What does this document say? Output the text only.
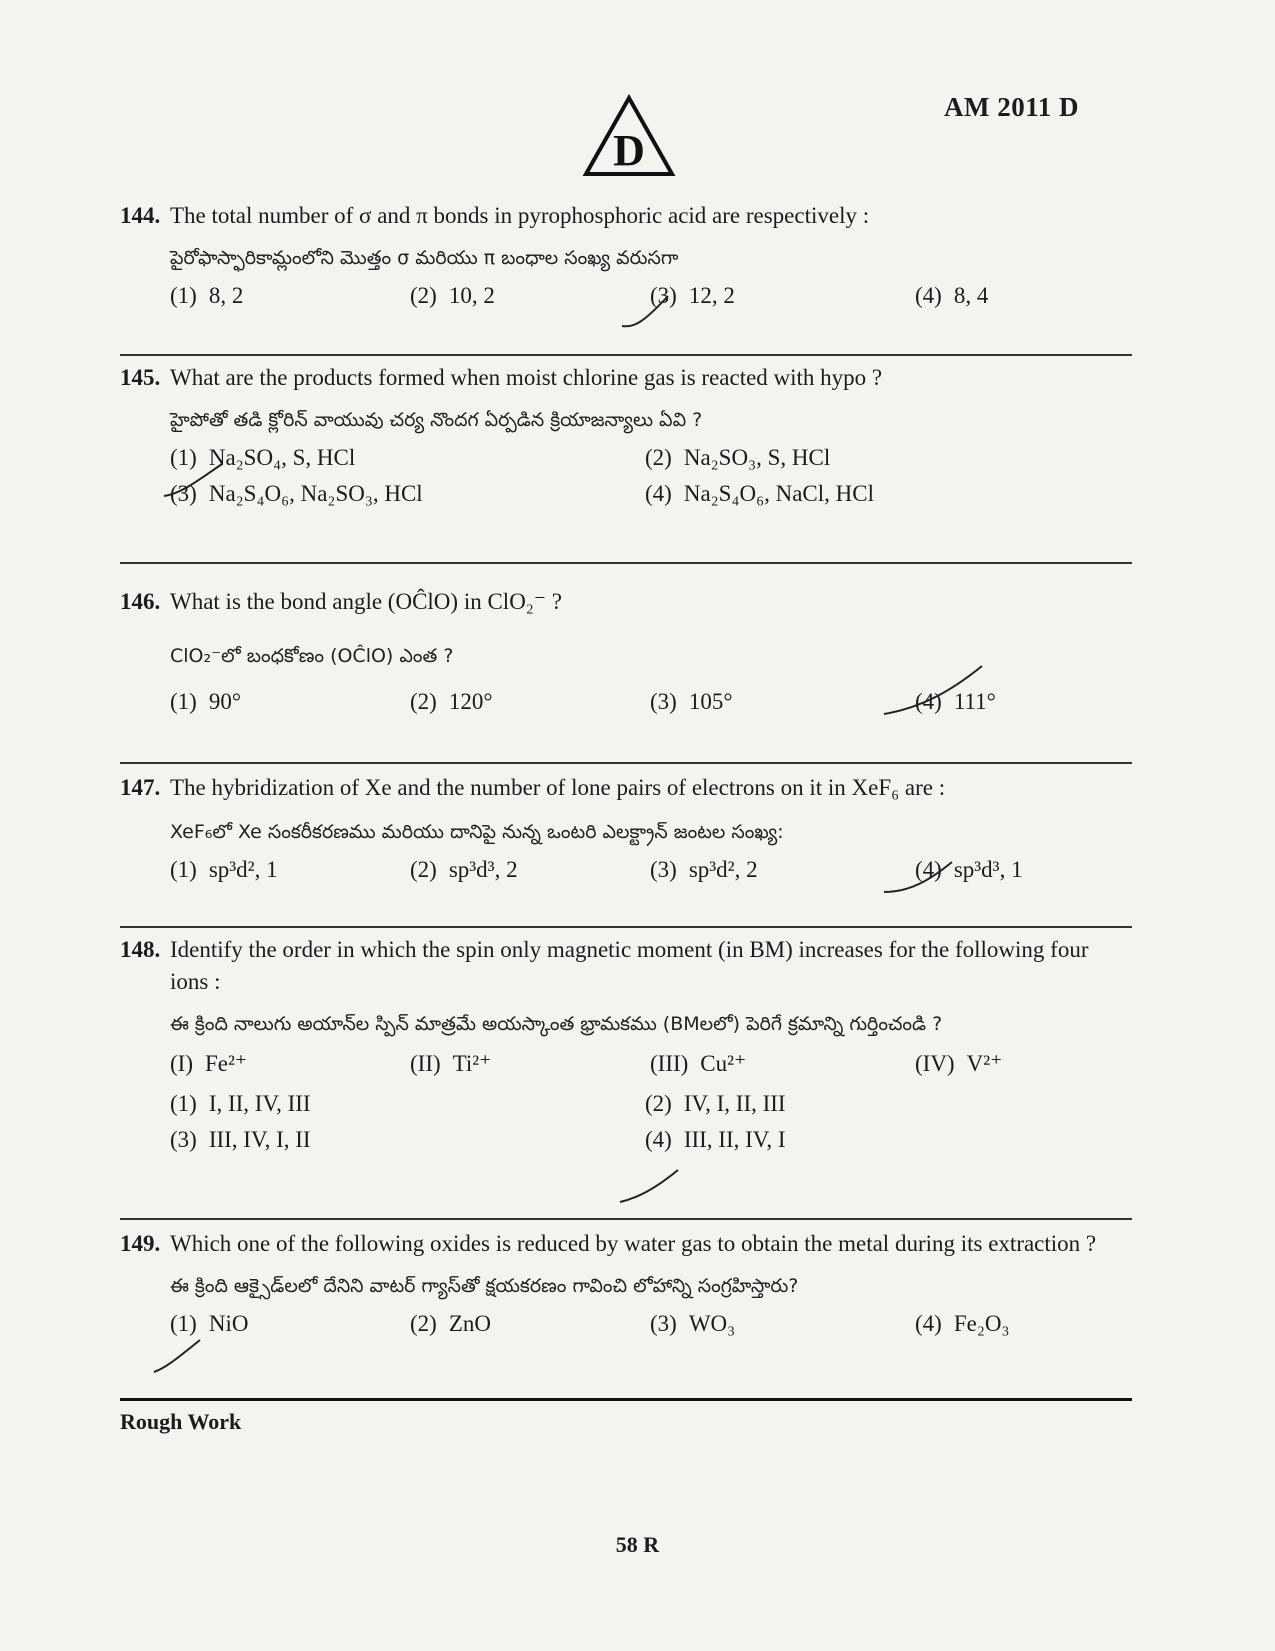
AM 2011 D
D
144. The total number of σ and π bonds in pyrophosphoric acid are respectively :
పైరోఫాస్ఫారికామ్లంలోని మొత్తం σ మరియు π బంధాల సంఖ్య వరుసగా
(1) 8, 2	(2) 10, 2	(3) 12, 2	(4) 8, 4
145. What are the products formed when moist chlorine gas is reacted with hypo ?
హైపోతో తడి క్లోరిన్ వాయువు చర్య నొందగ ఏర్పడిన క్రియాజన్యాలు ఏవి ?
(1) Na₂SO₄, S, HCl	(2) Na₂SO₃, S, HCl
(3) Na₂S₄O₆, Na₂SO₃, HCl	(4) Na₂S₄O₆, NaCl, HCl
146. What is the bond angle (OĈlO) in ClO₂⁻ ?
ClO₂⁻లో బంధకోణం (OĈlO) ఎంత ?
(1) 90°	(2) 120°	(3) 105°	(4) 111°
147. The hybridization of Xe and the number of lone pairs of electrons on it in XeF₆ are :
XeF₆లో Xe సంకరీకరణము మరియు దానిపై నున్న ఒంటరి ఎలక్ట్రాన్ జంటల సంఖ్య:
(1) sp³d², 1	(2) sp³d³, 2	(3) sp³d², 2	(4) sp³d³, 1
148. Identify the order in which the spin only magnetic moment (in BM) increases for the following four ions :
ఈ క్రింది నాలుగు అయాన్‌ల స్పిన్ మాత్రమే అయస్కాంత భ్రామకము (BMలలో) పెరిగే క్రమాన్ని గుర్తించండి ?
(I) Fe²⁺	(II) Ti²⁺	(III) Cu²⁺	(IV) V²⁺
(1) I, II, IV, III	(2) IV, I, II, III
(3) III, IV, I, II	(4) III, II, IV, I
149. Which one of the following oxides is reduced by water gas to obtain the metal during its extraction ?
ఈ క్రింది ఆక్సైడ్‌లలో దేనిని వాటర్ గ్యాస్‌తో క్షయకరణం గావించి లోహాన్ని సంగ్రహిస్తారు?
(1) NiO	(2) ZnO	(3) WO₃	(4) Fe₂O₃
Rough Work
58 R
